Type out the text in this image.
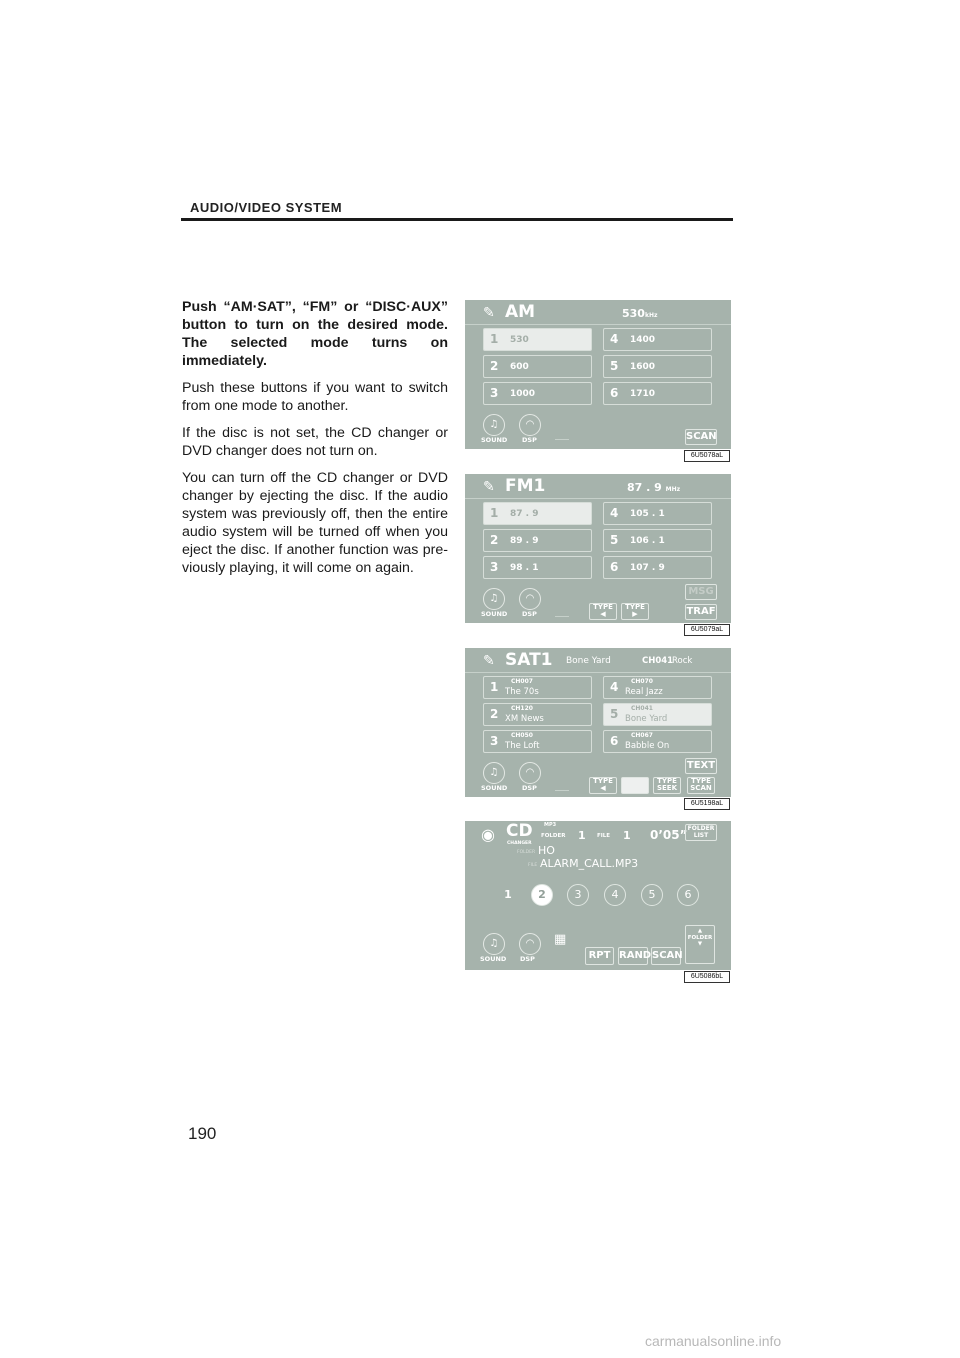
AUDIO/VIDEO SYSTEM

Push “AM·SAT”, “FM” or “DISC·AUX” button to turn on the desired mode. The selected mode turns on immediately.

Push these buttons if you want to switch from one mode to another.

If the disc is not set, the CD changer or DVD changer does not turn on.

You can turn off the CD changer or DVD changer by ejecting the disc. If the audio system was previously off, then the entire audio system will be turned off when you eject the disc. If another function was pre-viously playing, it will come on again.

✎ AM	530kHz
1 530
2 600
3 1000
4 1400
5 1600
6 1710
♫
SOUND
◠
DSP	SCAN
6U5078aL
✎ FM1	87 . 9 MHz
1 87 . 9
2 89 . 9
3 98 . 1
4 105 . 1
5 106 . 1
6 107 . 9
♫
SOUND
◠
DSP
TYPE
◀
TYPE
▶
MSG
TRAF
6U5079aL
✎ SAT1 Bone Yard	CH041
Rock
1 CH007
The 70s
2 CH120
XM News
3 CH050
The Loft
4 CH070
Real Jazz
5 CH041
Bone Yard
6 CH067
Babble On
♫
SOUND
◠
DSP
TYPE
◀
TYPE
SEEK
TYPE
SCAN
TEXT
6U5198aL
◉ CD
CHANGER
MP3
FOLDER 1 FILE 1 0’05” FOLDER
LIST
FOLDER HO
FILE ALARM_CALL.MP3
1	2	3	4	5	6
♫
SOUND
◠
DSP
▦
RPT RAND SCAN
▲
FOLDER
▼
6U5086bL
190
carmanualsonline.info
